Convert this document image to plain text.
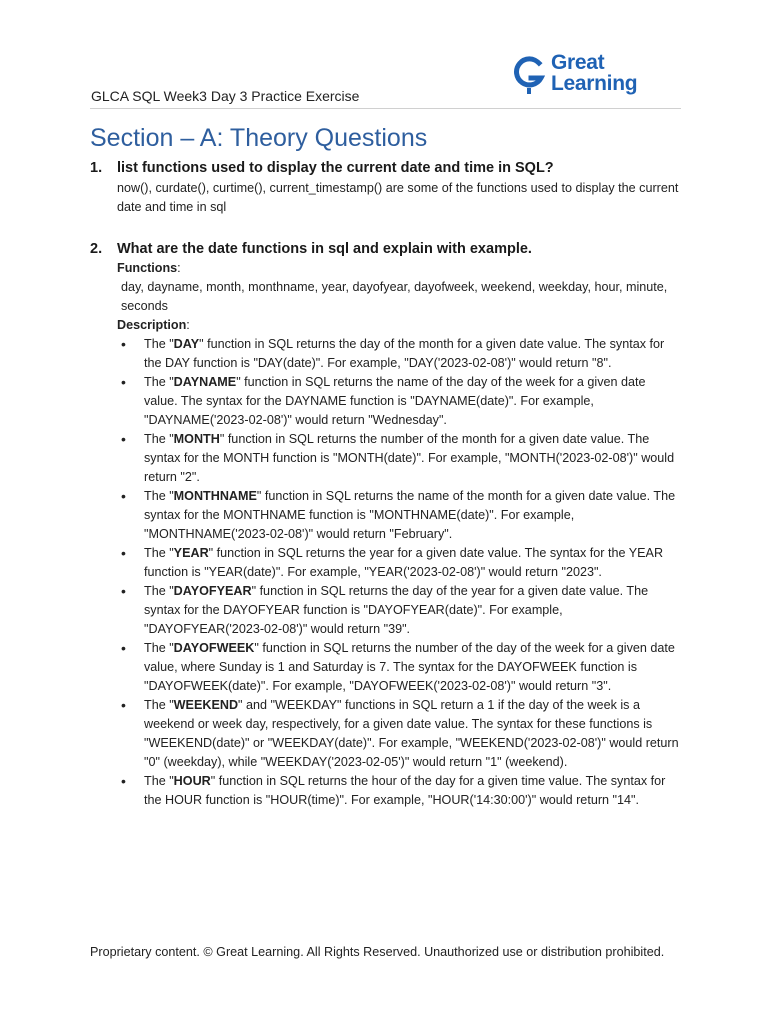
GLCA SQL Week3 Day 3 Practice Exercise
Great
Learning
Section – A: Theory Questions
1.	list functions used to display the current date and time in SQL?
now(), curdate(), curtime(), current_timestamp() are some of the functions used to display the current date and time in sql
2.	What are the date functions in sql and explain with example.
Functions:
day, dayname, month, monthname, year, dayofyear, dayofweek, weekend, weekday, hour, minute, seconds
Description:
• The "DAY" function in SQL returns the day of the month for a given date value. The syntax for the DAY function is "DAY(date)". For example, "DAY('2023-02-08')" would return "8".
• The "DAYNAME" function in SQL returns the name of the day of the week for a given date value. The syntax for the DAYNAME function is "DAYNAME(date)". For example, "DAYNAME('2023-02-08')" would return "Wednesday".
• The "MONTH" function in SQL returns the number of the month for a given date value. The syntax for the MONTH function is "MONTH(date)". For example, "MONTH('2023-02-08')" would return "2".
• The "MONTHNAME" function in SQL returns the name of the month for a given date value. The syntax for the MONTHNAME function is "MONTHNAME(date)". For example, "MONTHNAME('2023-02-08')" would return "February".
• The "YEAR" function in SQL returns the year for a given date value. The syntax for the YEAR function is "YEAR(date)". For example, "YEAR('2023-02-08')" would return "2023".
• The "DAYOFYEAR" function in SQL returns the day of the year for a given date value. The syntax for the DAYOFYEAR function is "DAYOFYEAR(date)". For example, "DAYOFYEAR('2023-02-08')" would return "39".
• The "DAYOFWEEK" function in SQL returns the number of the day of the week for a given date value, where Sunday is 1 and Saturday is 7. The syntax for the DAYOFWEEK function is "DAYOFWEEK(date)". For example, "DAYOFWEEK('2023-02-08')" would return "3".
• The "WEEKEND" and "WEEKDAY" functions in SQL return a 1 if the day of the week is a weekend or week day, respectively, for a given date value. The syntax for these functions is "WEEKEND(date)" or "WEEKDAY(date)". For example, "WEEKEND('2023-02-08')" would return "0" (weekday), while "WEEKDAY('2023-02-05')" would return "1" (weekend).
• The "HOUR" function in SQL returns the hour of the day for a given time value. The syntax for the HOUR function is "HOUR(time)". For example, "HOUR('14:30:00')" would return "14".
Proprietary content. © Great Learning. All Rights Reserved. Unauthorized use or distribution prohibited.
